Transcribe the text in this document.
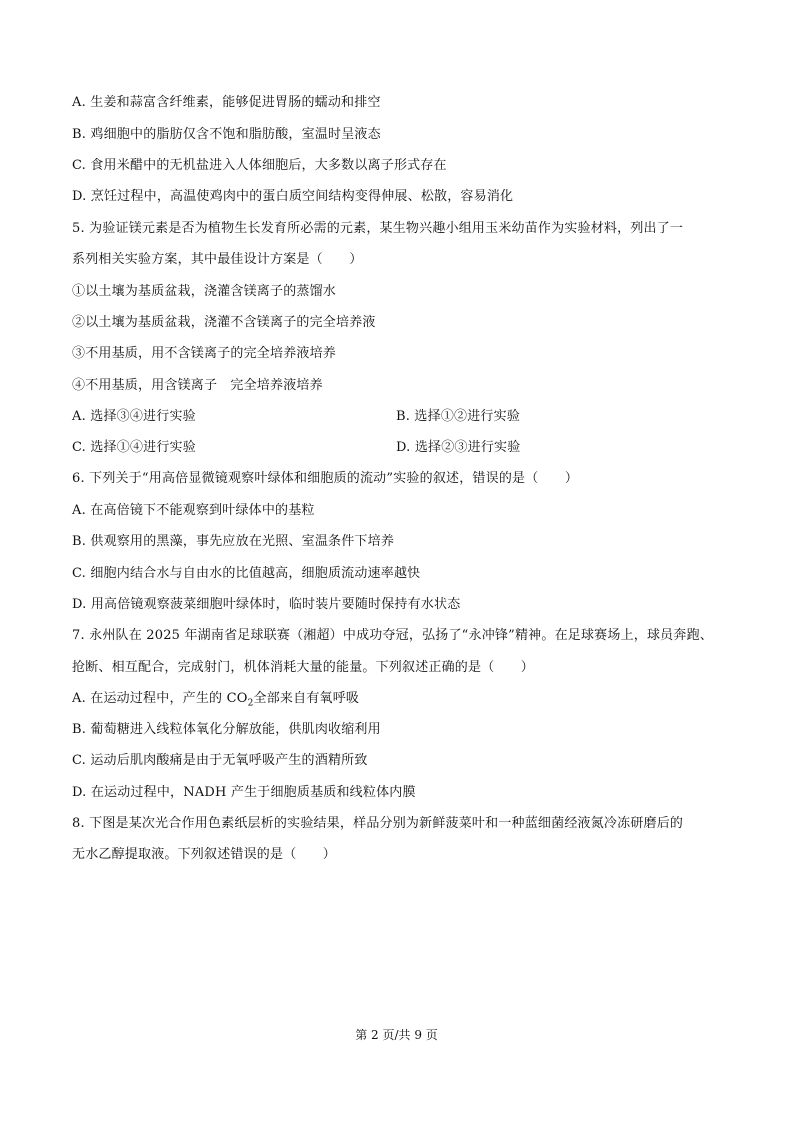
A. 生姜和蒜富含纤维素，能够促进胃肠的蠕动和排空
B. 鸡细胞中的脂肪仅含不饱和脂肪酸，室温时呈液态
C. 食用米醋中的无机盐进入人体细胞后，大多数以离子形式存在
D. 烹饪过程中，高温使鸡肉中的蛋白质空间结构变得伸展、松散，容易消化
5. 为验证镁元素是否为植物生长发育所必需的元素，某生物兴趣小组用玉米幼苗作为实验材料，列出了一
系列相关实验方案，其中最佳设计方案是（　　）
①以土壤为基质盆栽，浇灌含镁离子的蒸馏水
②以土壤为基质盆栽，浇灌不含镁离子的完全培养液
③不用基质，用不含镁离子的完全培养液培养
④不用基质，用含镁离子　完全培养液培养
A. 选择③④进行实验	B. 选择①②进行实验
C. 选择①④进行实验	D. 选择②③进行实验
6. 下列关于“用高倍显微镜观察叶绿体和细胞质的流动”实验的叙述，错误的是（　　）
A. 在高倍镜下不能观察到叶绿体中的基粒
B. 供观察用的黑藻，事先应放在光照、室温条件下培养
C. 细胞内结合水与自由水的比值越高，细胞质流动速率越快
D. 用高倍镜观察菠菜细胞叶绿体时，临时装片要随时保持有水状态
7. 永州队在 2025 年湖南省足球联赛（湘超）中成功夺冠，弘扬了“永冲锋”精神。在足球赛场上，球员奔跑、
抢断、相互配合，完成射门，机体消耗大量的能量。下列叙述正确的是（　　）
A. 在运动过程中，产生的 $CO_2$全部来自有氧呼吸
B. 葡萄糖进入线粒体氧化分解放能，供肌肉收缩利用
C. 运动后肌肉酸痛是由于无氧呼吸产生的酒精所致
D. 在运动过程中，NADH 产生于细胞质基质和线粒体内膜
8. 下图是某次光合作用色素纸层析的实验结果，样品分别为新鲜菠菜叶和一种蓝细菌经液氮冷冻研磨后的
无水乙醇提取液。下列叙述错误的是（　　）
第 2 页/共 9 页
